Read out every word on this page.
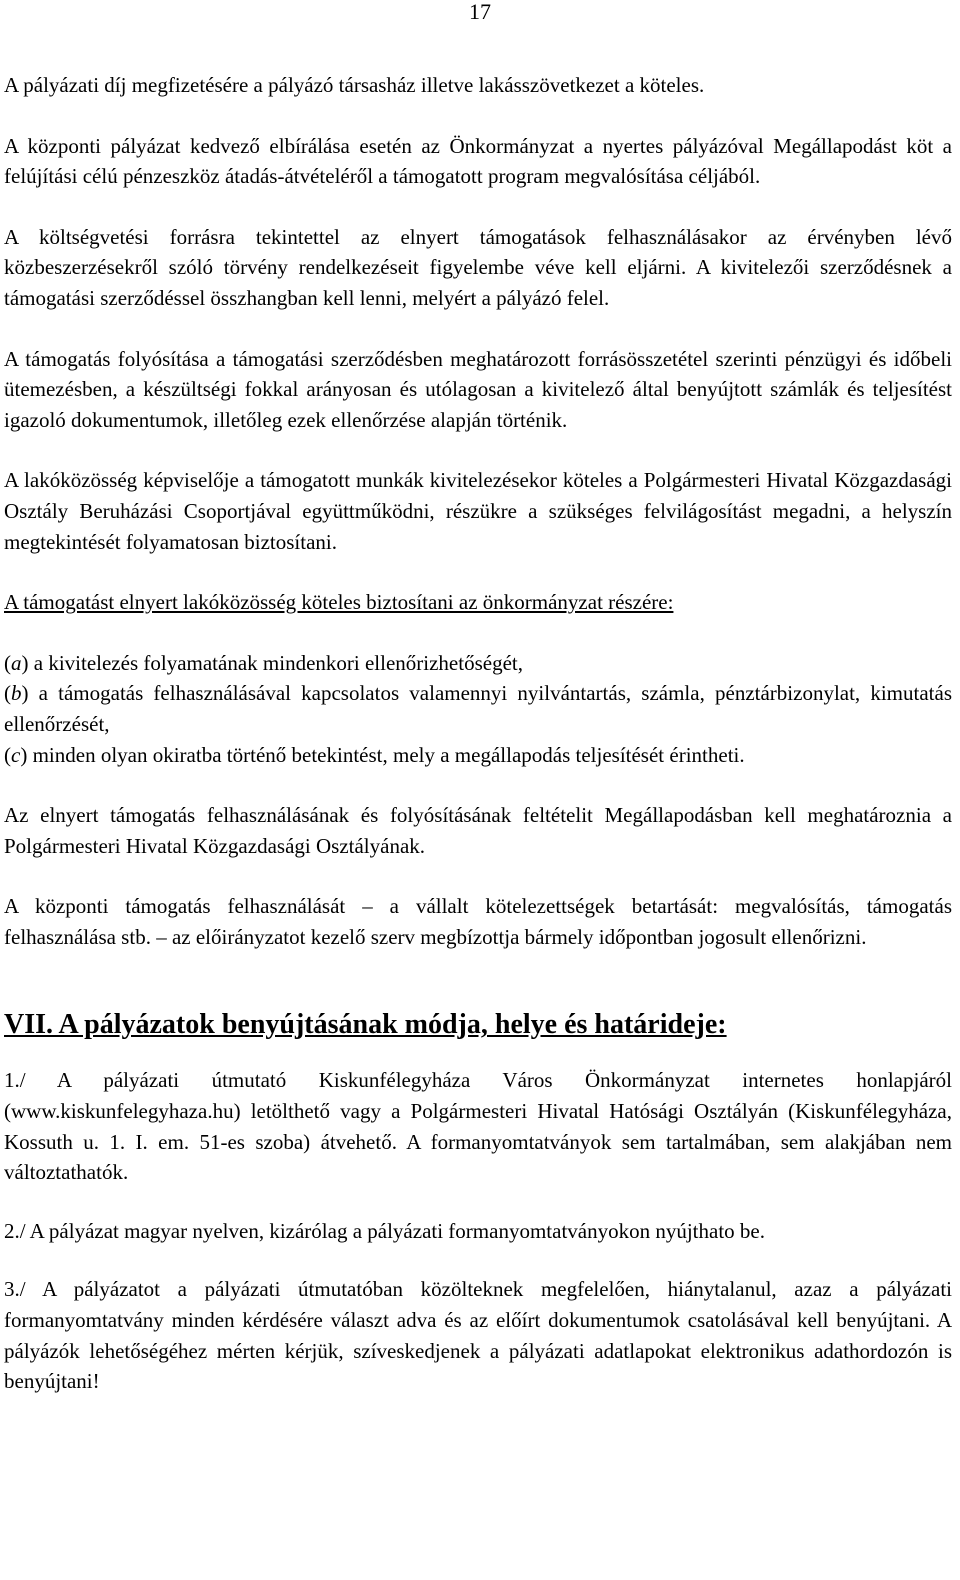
17

A pályázati díj megfizetésére a pályázó társasház illetve lakásszövetkezet a köteles.

A központi pályázat kedvező elbírálása esetén az Önkormányzat a nyertes pályázóval Megállapodást köt a felújítási célú pénzeszköz átadás-átvételéről a támogatott program megvalósítása céljából.

A költségvetési forrásra tekintettel az elnyert támogatások felhasználásakor az érvényben lévő közbeszerzésekről szóló törvény rendelkezéseit figyelembe véve kell eljárni. A kivitelezői szerződésnek a támogatási szerződéssel összhangban kell lenni, melyért a pályázó felel.

A támogatás folyósítása a támogatási szerződésben meghatározott forrásösszetétel szerinti pénzügyi és időbeli ütemezésben, a készültségi fokkal arányosan és utólagosan a kivitelező által benyújtott számlák és teljesítést igazoló dokumentumok, illetőleg ezek ellenőrzése alapján történik.

A lakóközösség képviselője a támogatott munkák kivitelezésekor köteles a Polgármesteri Hivatal Közgazdasági Osztály Beruházási Csoportjával együttműködni, részükre a szükséges felvilágosítást megadni, a helyszín megtekintését folyamatosan biztosítani.

A támogatást elnyert lakóközösség köteles biztosítani az önkormányzat részére:

(a) a kivitelezés folyamatának mindenkori ellenőrizhetőségét,

(b) a támogatás felhasználásával kapcsolatos valamennyi nyilvántartás, számla, pénztárbizonylat, kimutatás ellenőrzését,

(c) minden olyan okiratba történő betekintést, mely a megállapodás teljesítését érintheti.

Az elnyert támogatás felhasználásának és folyósításának feltételit Megállapodásban kell meghatároznia a Polgármesteri Hivatal Közgazdasági Osztályának.

A központi támogatás felhasználását – a vállalt kötelezettségek betartását: megvalósítás, támogatás felhasználása stb. – az előirányzatot kezelő szerv megbízottja bármely időpontban jogosult ellenőrizni.

VII. A pályázatok benyújtásának módja, helye és határideje:

1./ A pályázati útmutató Kiskunfélegyháza Város Önkormányzat internetes honlapjáról (www.kiskunfelegyhaza.hu) letölthető vagy a Polgármesteri Hivatal Hatósági Osztályán (Kiskunfélegyháza, Kossuth u. 1. I. em. 51-es szoba) átvehető. A formanyomtatványok sem tartalmában, sem alakjában nem változtathatók.

2./ A pályázat magyar nyelven, kizárólag a pályázati formanyomtatványokon nyújthato be.

3./ A pályázatot a pályázati útmutatóban közölteknek megfelelően, hiánytalanul, azaz a pályázati formanyomtatvány minden kérdésére választ adva és az előírt dokumentumok csatolásával kell benyújtani. A pályázók lehetőségéhez mérten kérjük, szíveskedjenek a pályázati adatlapokat elektronikus adathordozón is benyújtani!
